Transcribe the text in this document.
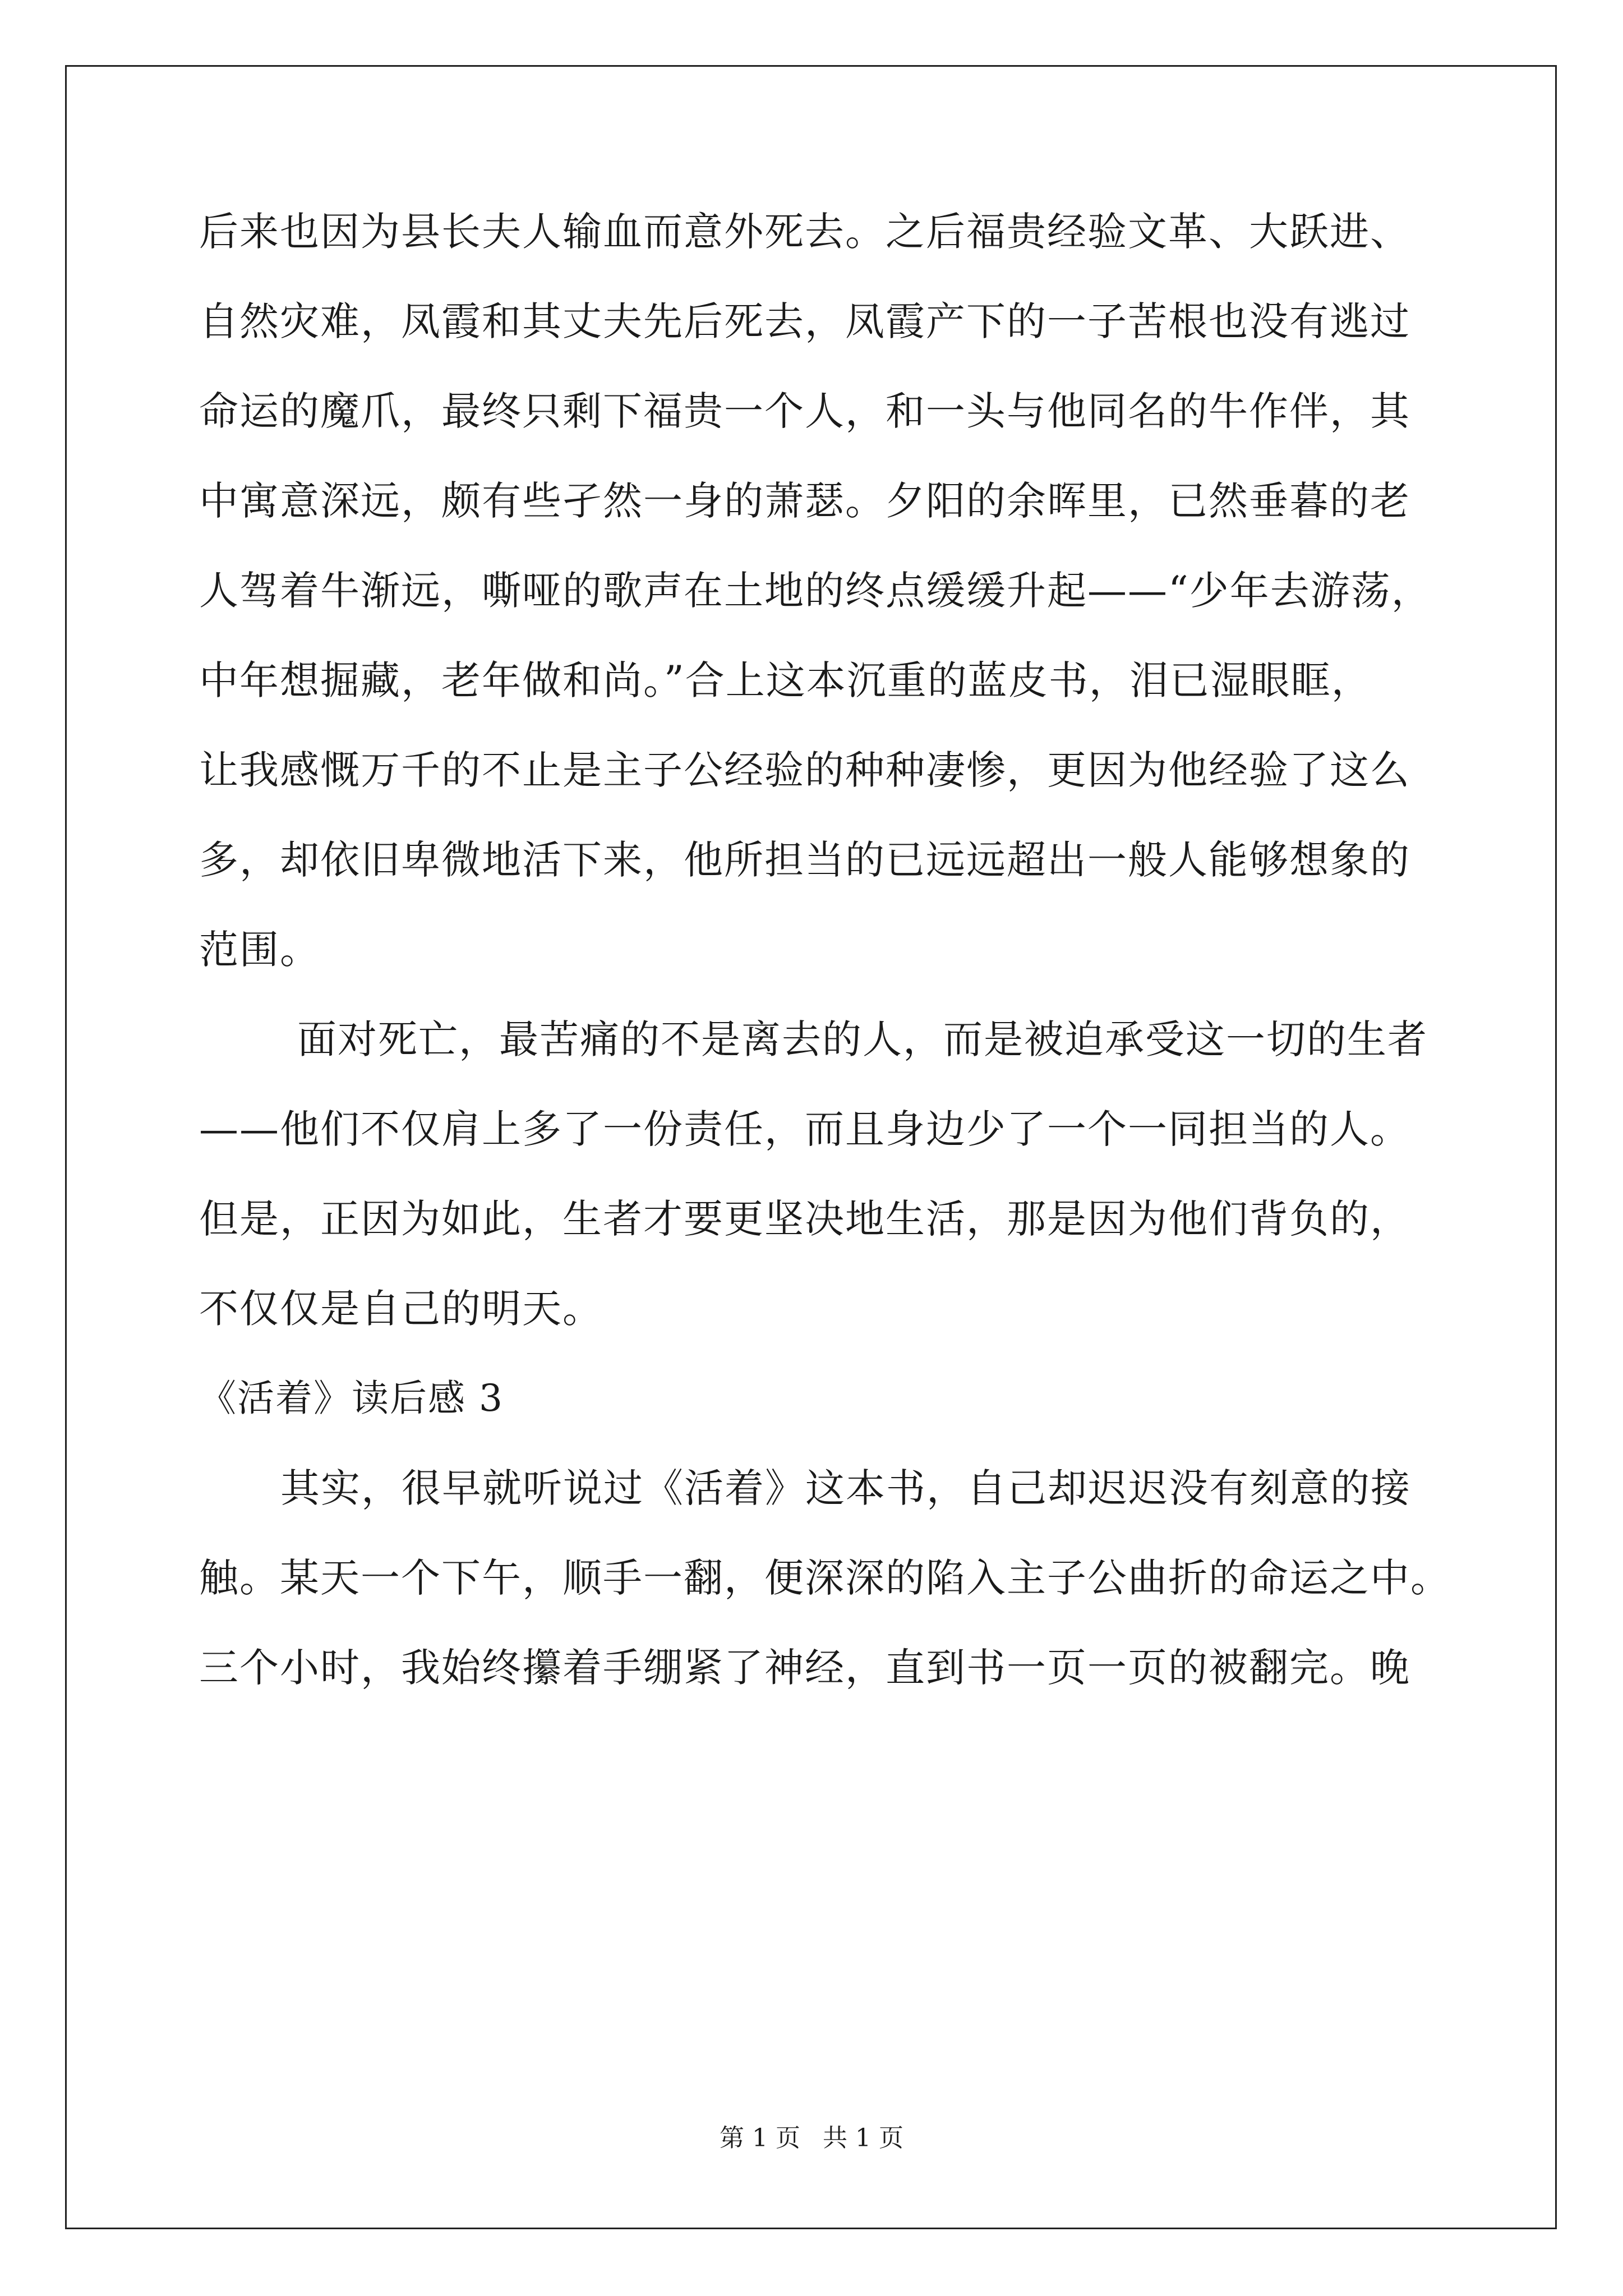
后来也因为县长夫人输血而意外死去。之后福贵经验文革、大跃进、

自然灾难，凤霞和其丈夫先后死去，凤霞产下的一子苦根也没有逃过

命运的魔爪，最终只剩下福贵一个人，和一头与他同名的牛作伴，其

中寓意深远，颇有些孑然一身的萧瑟。夕阳的余晖里，已然垂暮的老

人驾着牛渐远，嘶哑的歌声在土地的终点缓缓升起——“少年去游荡，

中年想掘藏，老年做和尚。”合上这本沉重的蓝皮书，泪已湿眼眶，

让我感慨万千的不止是主子公经验的种种凄惨，更因为他经验了这么

多，却依旧卑微地活下来，他所担当的已远远超出一般人能够想象的

范围。

面对死亡，最苦痛的不是离去的人，而是被迫承受这一切的生者

——他们不仅肩上多了一份责任，而且身边少了一个一同担当的人。

但是，正因为如此，生者才要更坚决地生活，那是因为他们背负的，

不仅仅是自己的明天。

《活着》读后感 3

其实，很早就听说过《活着》这本书，自己却迟迟没有刻意的接

触。某天一个下午，顺手一翻，便深深的陷入主子公曲折的命运之中。

三个小时，我始终攥着手绷紧了神经，直到书一页一页的被翻完。晚

第 1 页 共 1 页
